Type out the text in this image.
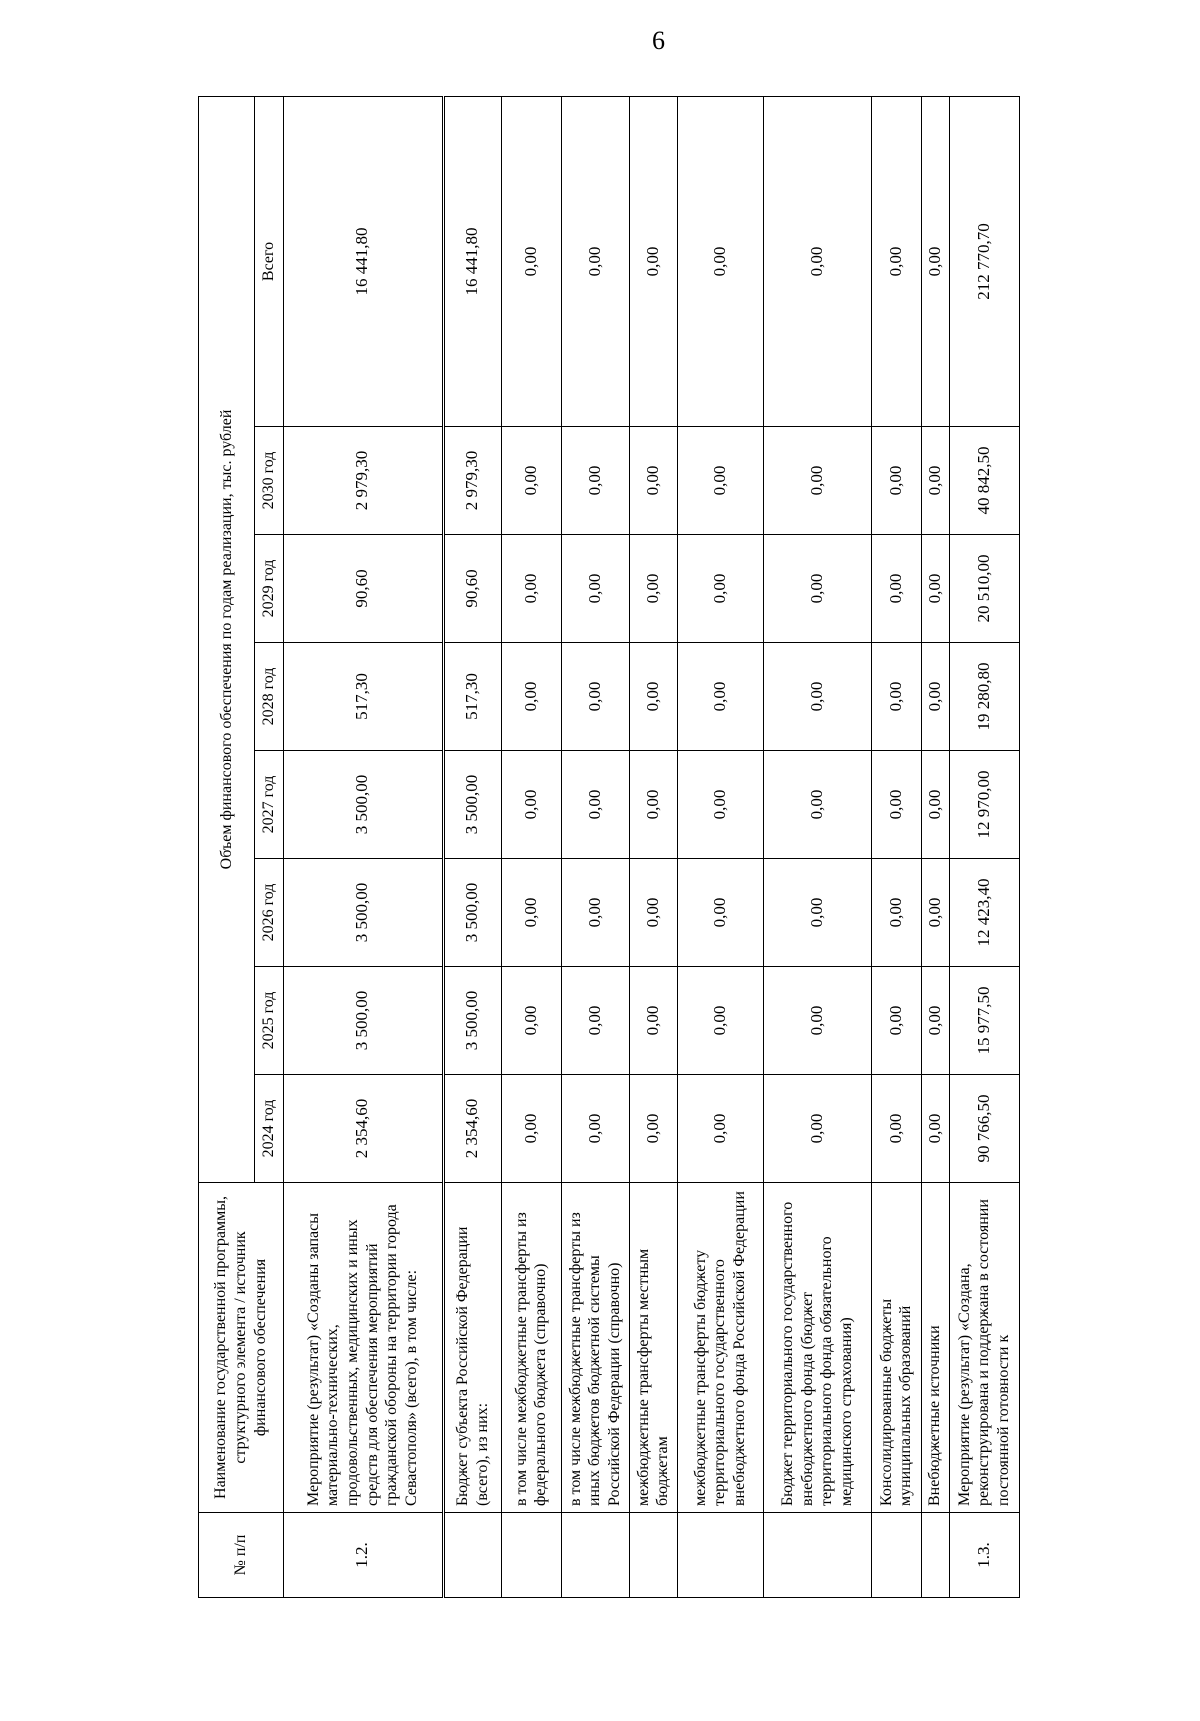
6
№ п/п	Наименование государственной программы, структурного элемента / источник финансового обеспечения	Объем финансового обеспечения по годам реализации, тыс. рублей							
		2024 год	2025 год	2026 год	2027 год	2028 год	2029 год	2030 год	Всего
1.2.	Мероприятие (результат) «Созданы запасы материально-технических, продовольственных, медицинских и иных средств для обеспечения мероприятий гражданской обороны на территории города Севастополя» (всего), в том числе:	2 354,60	3 500,00	3 500,00	3 500,00	517,30	90,60	2 979,30	16 441,80
	Бюджет субъекта Российской Федерации (всего), из них:	2 354,60	3 500,00	3 500,00	3 500,00	517,30	90,60	2 979,30	16 441,80
	в том числе межбюджетные трансферты из федерального бюджета (справочно)	0,00	0,00	0,00	0,00	0,00	0,00	0,00	0,00
	в том числе межбюджетные трансферты из иных бюджетов бюджетной системы Российской Федерации (справочно)	0,00	0,00	0,00	0,00	0,00	0,00	0,00	0,00
	межбюджетные трансферты местным бюджетам	0,00	0,00	0,00	0,00	0,00	0,00	0,00	0,00
	межбюджетные трансферты бюджету территориального государственного внебюджетного фонда Российской Федерации	0,00	0,00	0,00	0,00	0,00	0,00	0,00	0,00
	Бюджет территориального государственного внебюджетного фонда (бюджет территориального фонда обязательного медицинского страхования)	0,00	0,00	0,00	0,00	0,00	0,00	0,00	0,00
	Консолидированные бюджеты муниципальных образований	0,00	0,00	0,00	0,00	0,00	0,00	0,00	0,00
	Внебюджетные источники	0,00	0,00	0,00	0,00	0,00	0,00	0,00	0,00
1.3.	Мероприятие (результат) «Создана, реконструирована и поддержана в состоянии постоянной готовности к	90 766,50	15 977,50	12 423,40	12 970,00	19 280,80	20 510,00	40 842,50	212 770,70
